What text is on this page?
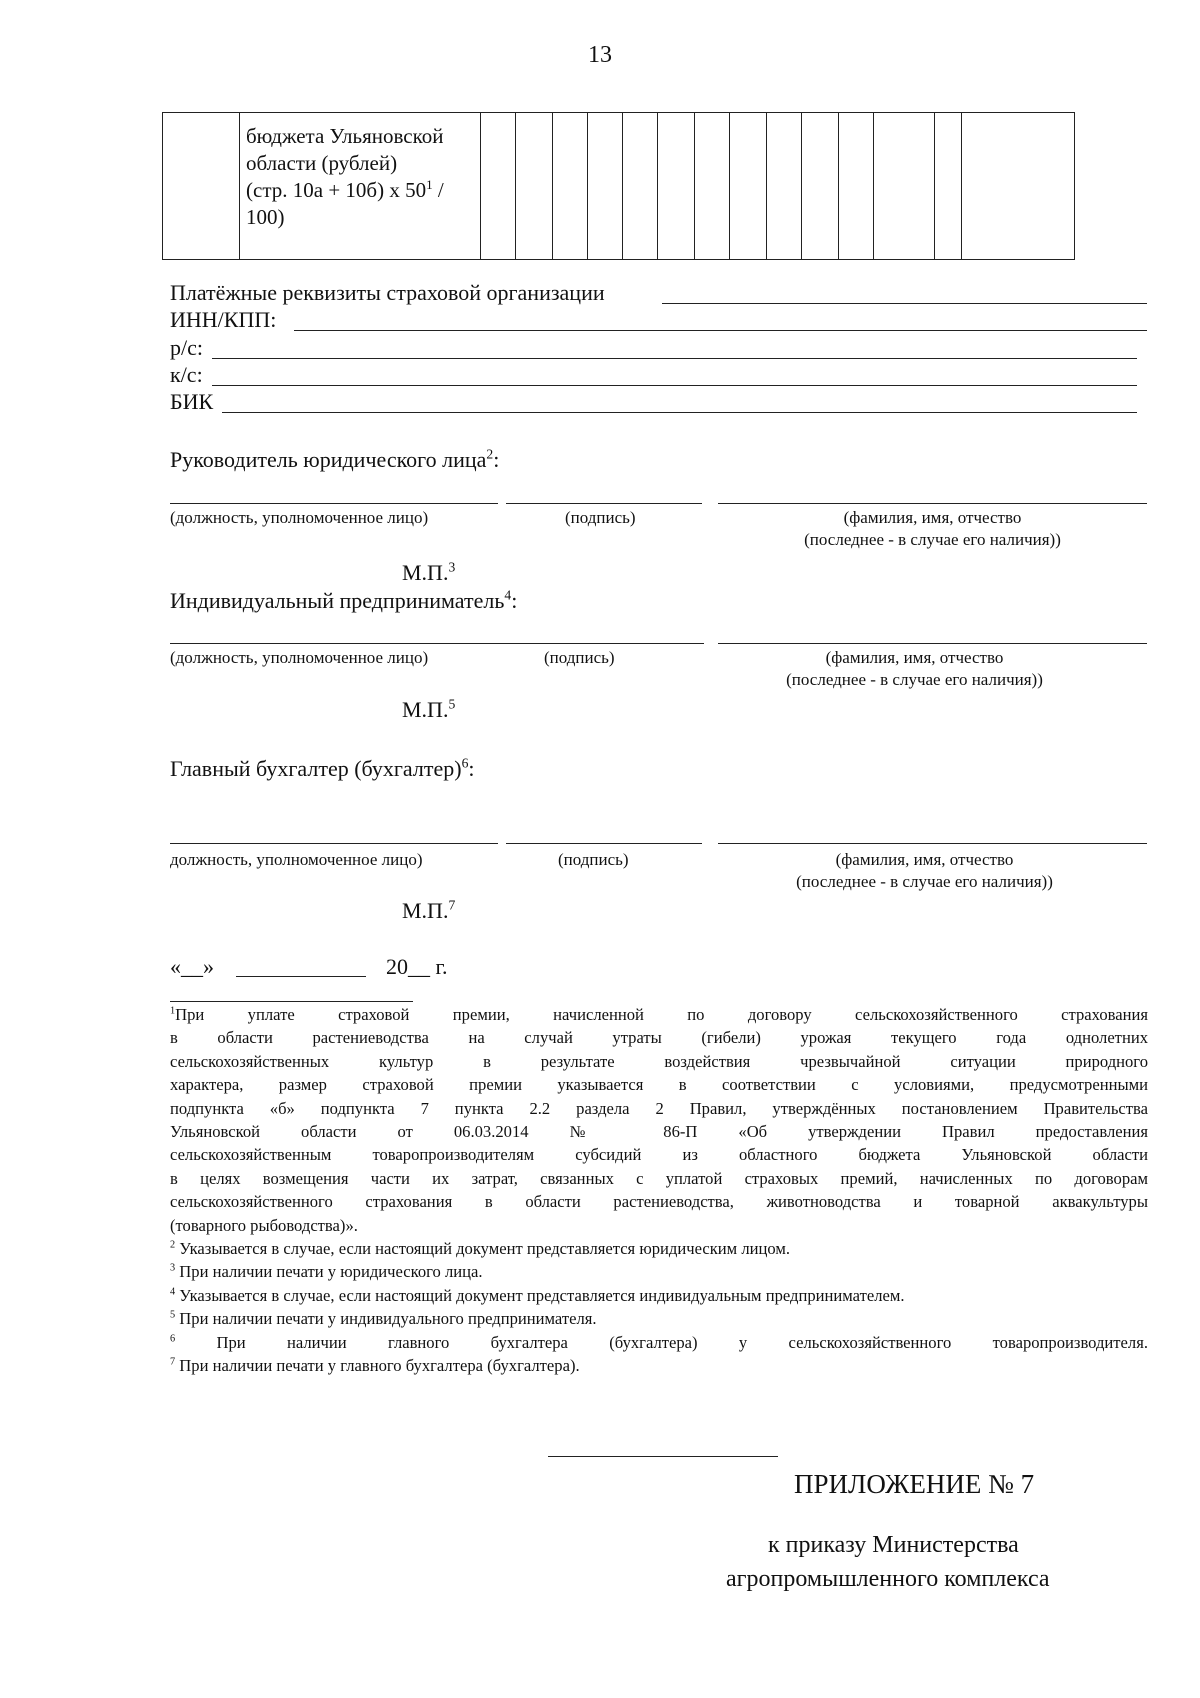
13

бюджета Ульяновской
области (рублей)
(стр. 10а + 10б) х $50^1$ /
100)

Платёжные реквизиты страховой организации
ИНН/КПП:
р/с:
к/с:
БИК
Руководитель юридического лица$^2$:
(должность, уполномоченное лицо)	(подпись)	(фамилия, имя, отчество
(последнее - в случае его наличия))
М.П.$^3$
Индивидуальный предприниматель$^4$:
(должность, уполномоченное лицо)	(подпись)	(фамилия, имя, отчество
(последнее - в случае его наличия))
М.П.$^5$
Главный бухгалтер (бухгалтер)$^6$:
должность, уполномоченное лицо)	(подпись)	(фамилия, имя, отчество
(последнее - в случае его наличия))
М.П.$^7$
«__»	20__ г.

$^1$При уплате страховой премии, начисленной по договору сельскохозяйственного страхования

в области растениеводства на случай утраты (гибели) урожая текущего года однолетних

сельскохозяйственных культур в результате воздействия чрезвычайной ситуации природного

характера, размер страховой премии указывается в соответствии с условиями, предусмотренными

подпункта «б» подпункта 7 пункта 2.2 раздела 2 Правил, утверждённых постановлением Правительства

Ульяновской области от 06.03.2014 № 86-П «Об утверждении Правил предоставления

сельскохозяйственным товаропроизводителям субсидий из областного бюджета Ульяновской области

в целях возмещения части их затрат, связанных с уплатой страховых премий, начисленных по договорам

сельскохозяйственного страхования в области растениеводства, животноводства и товарной аквакультуры

(товарного рыбоводства)».

$^2$ Указывается в случае, если настоящий документ представляется юридическим лицом.

$^3$ При наличии печати у юридического лица.

$^4$ Указывается в случае, если настоящий документ представляется индивидуальным предпринимателем.

$^5$ При наличии печати у индивидуального предпринимателя.

$^6$ При наличии главного бухгалтера (бухгалтера) у сельскохозяйственного товаропроизводителя.

$^7$ При наличии печати у главного бухгалтера (бухгалтера).

ПРИЛОЖЕНИЕ № 7
к приказу Министерства
агропромышленного комплекса
